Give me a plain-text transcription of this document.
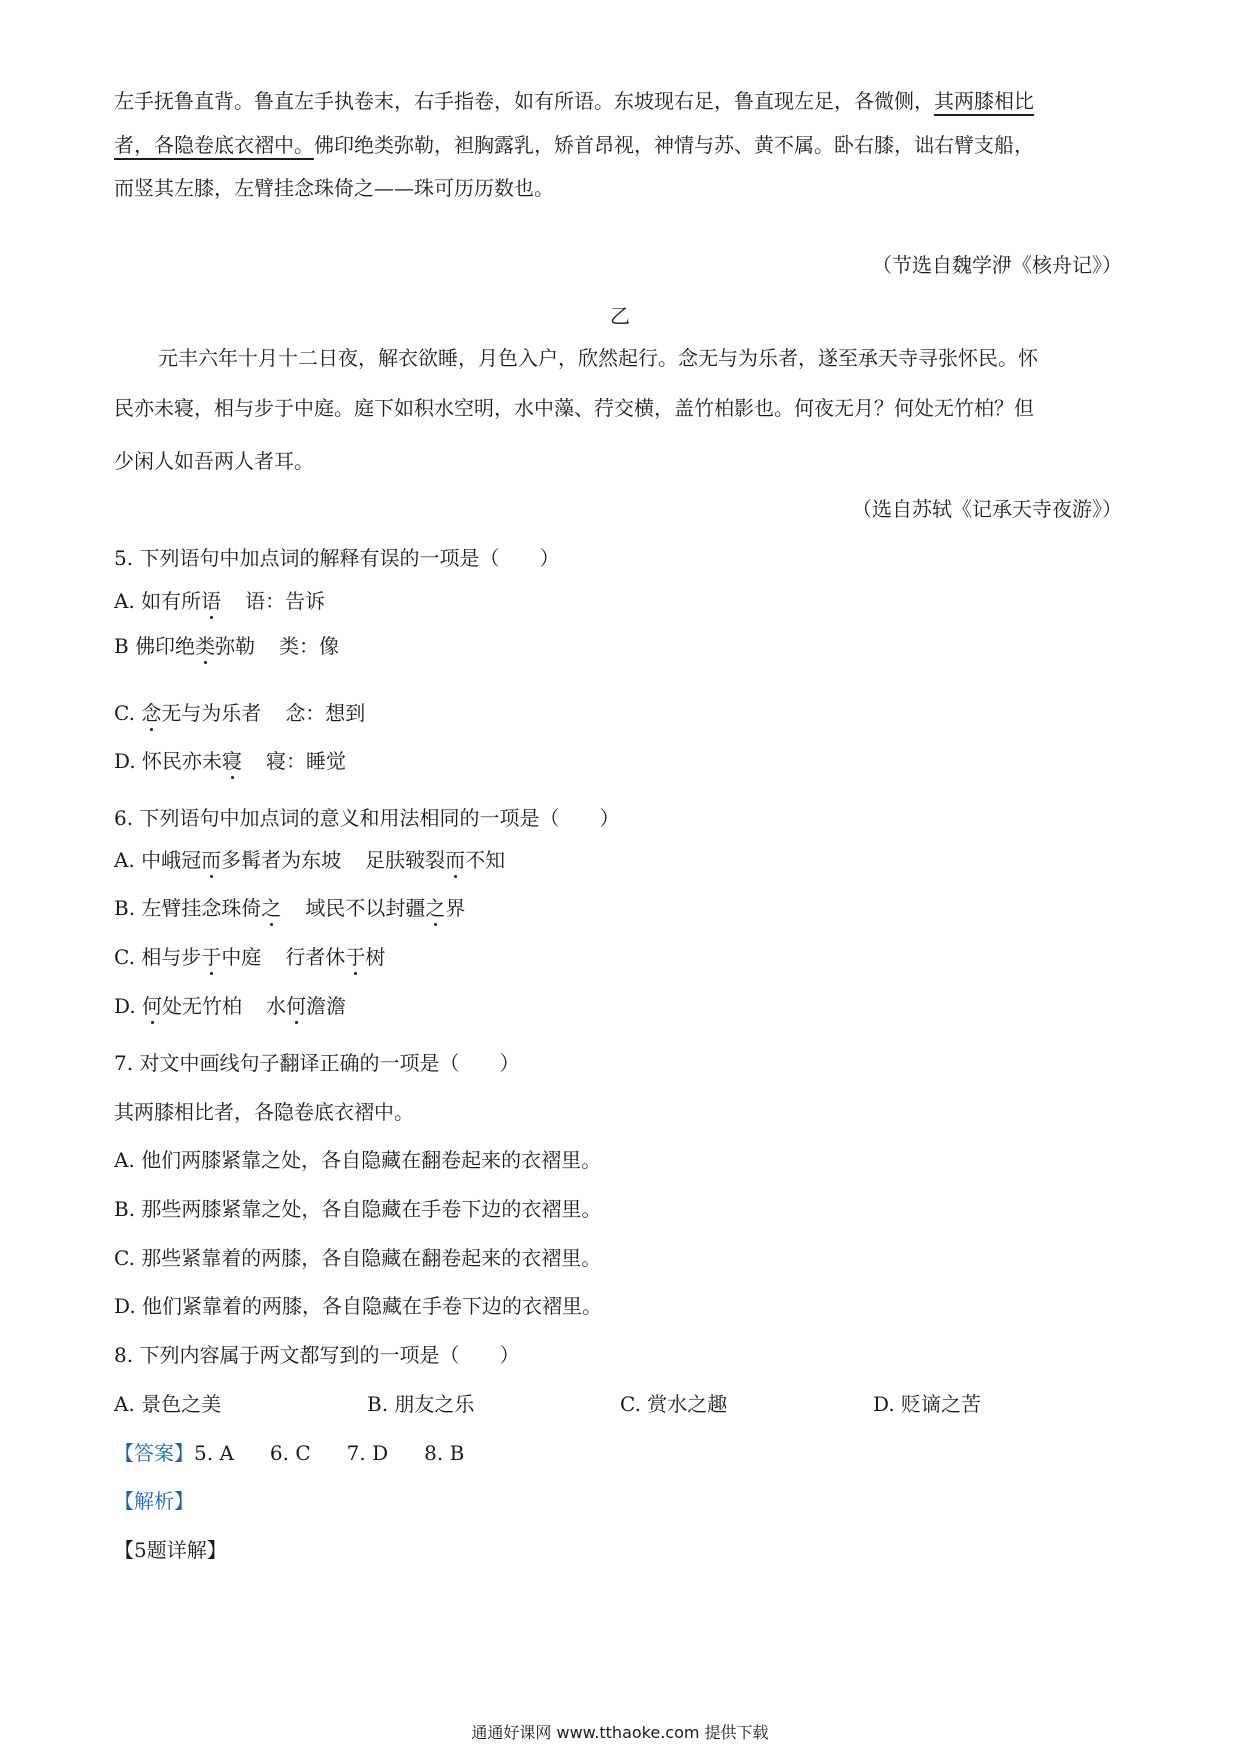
左手抚鲁直背。鲁直左手执卷末，右手指卷，如有所语。东坡现右足，鲁直现左足，各微侧，其两膝相比
者，各隐卷底衣褶中。佛印绝类弥勒，袒胸露乳，矫首昂视，神情与苏、黄不属。卧右膝，诎右臂支船，
而竖其左膝，左臂挂念珠倚之——珠可历历数也。
（节选自魏学洢《核舟记》）
乙
元丰六年十月十二日夜，解衣欲睡，月色入户，欣然起行。念无与为乐者，遂至承天寺寻张怀民。怀
民亦未寝，相与步于中庭。庭下如积水空明，水中藻、荇交横，盖竹柏影也。何夜无月？何处无竹柏？但
少闲人如吾两人者耳。
（选自苏轼《记承天寺夜游》）
5. 下列语句中加点词的解释有误的一项是（　　）
A. 如有所语 语：告诉
B 佛印绝类弥勒 类：像
C. 念无与为乐者 念：想到
D. 怀民亦未寝 寝：睡觉
6. 下列语句中加点词的意义和用法相同的一项是（　　）
A. 中峨冠而多髯者为东坡 足肤皲裂而不知
B. 左臂挂念珠倚之 域民不以封疆之界
C. 相与步于中庭 行者休于树
D. 何处无竹柏 水何澹澹
7. 对文中画线句子翻译正确的一项是（　　）
其两膝相比者，各隐卷底衣褶中。
A. 他们两膝紧靠之处，各自隐藏在翻卷起来的衣褶里。
B. 那些两膝紧靠之处，各自隐藏在手卷下边的衣褶里。
C. 那些紧靠着的两膝，各自隐藏在翻卷起来的衣褶里。
D. 他们紧靠着的两膝，各自隐藏在手卷下边的衣褶里。
8. 下列内容属于两文都写到的一项是（　　）
A. 景色之美	B. 朋友之乐	C. 赏水之趣	D. 贬谪之苦
【答案】5. A 6. C 7. D 8. B
【解析】
【5题详解】
通通好课网 www.tthaoke.com 提供下载
